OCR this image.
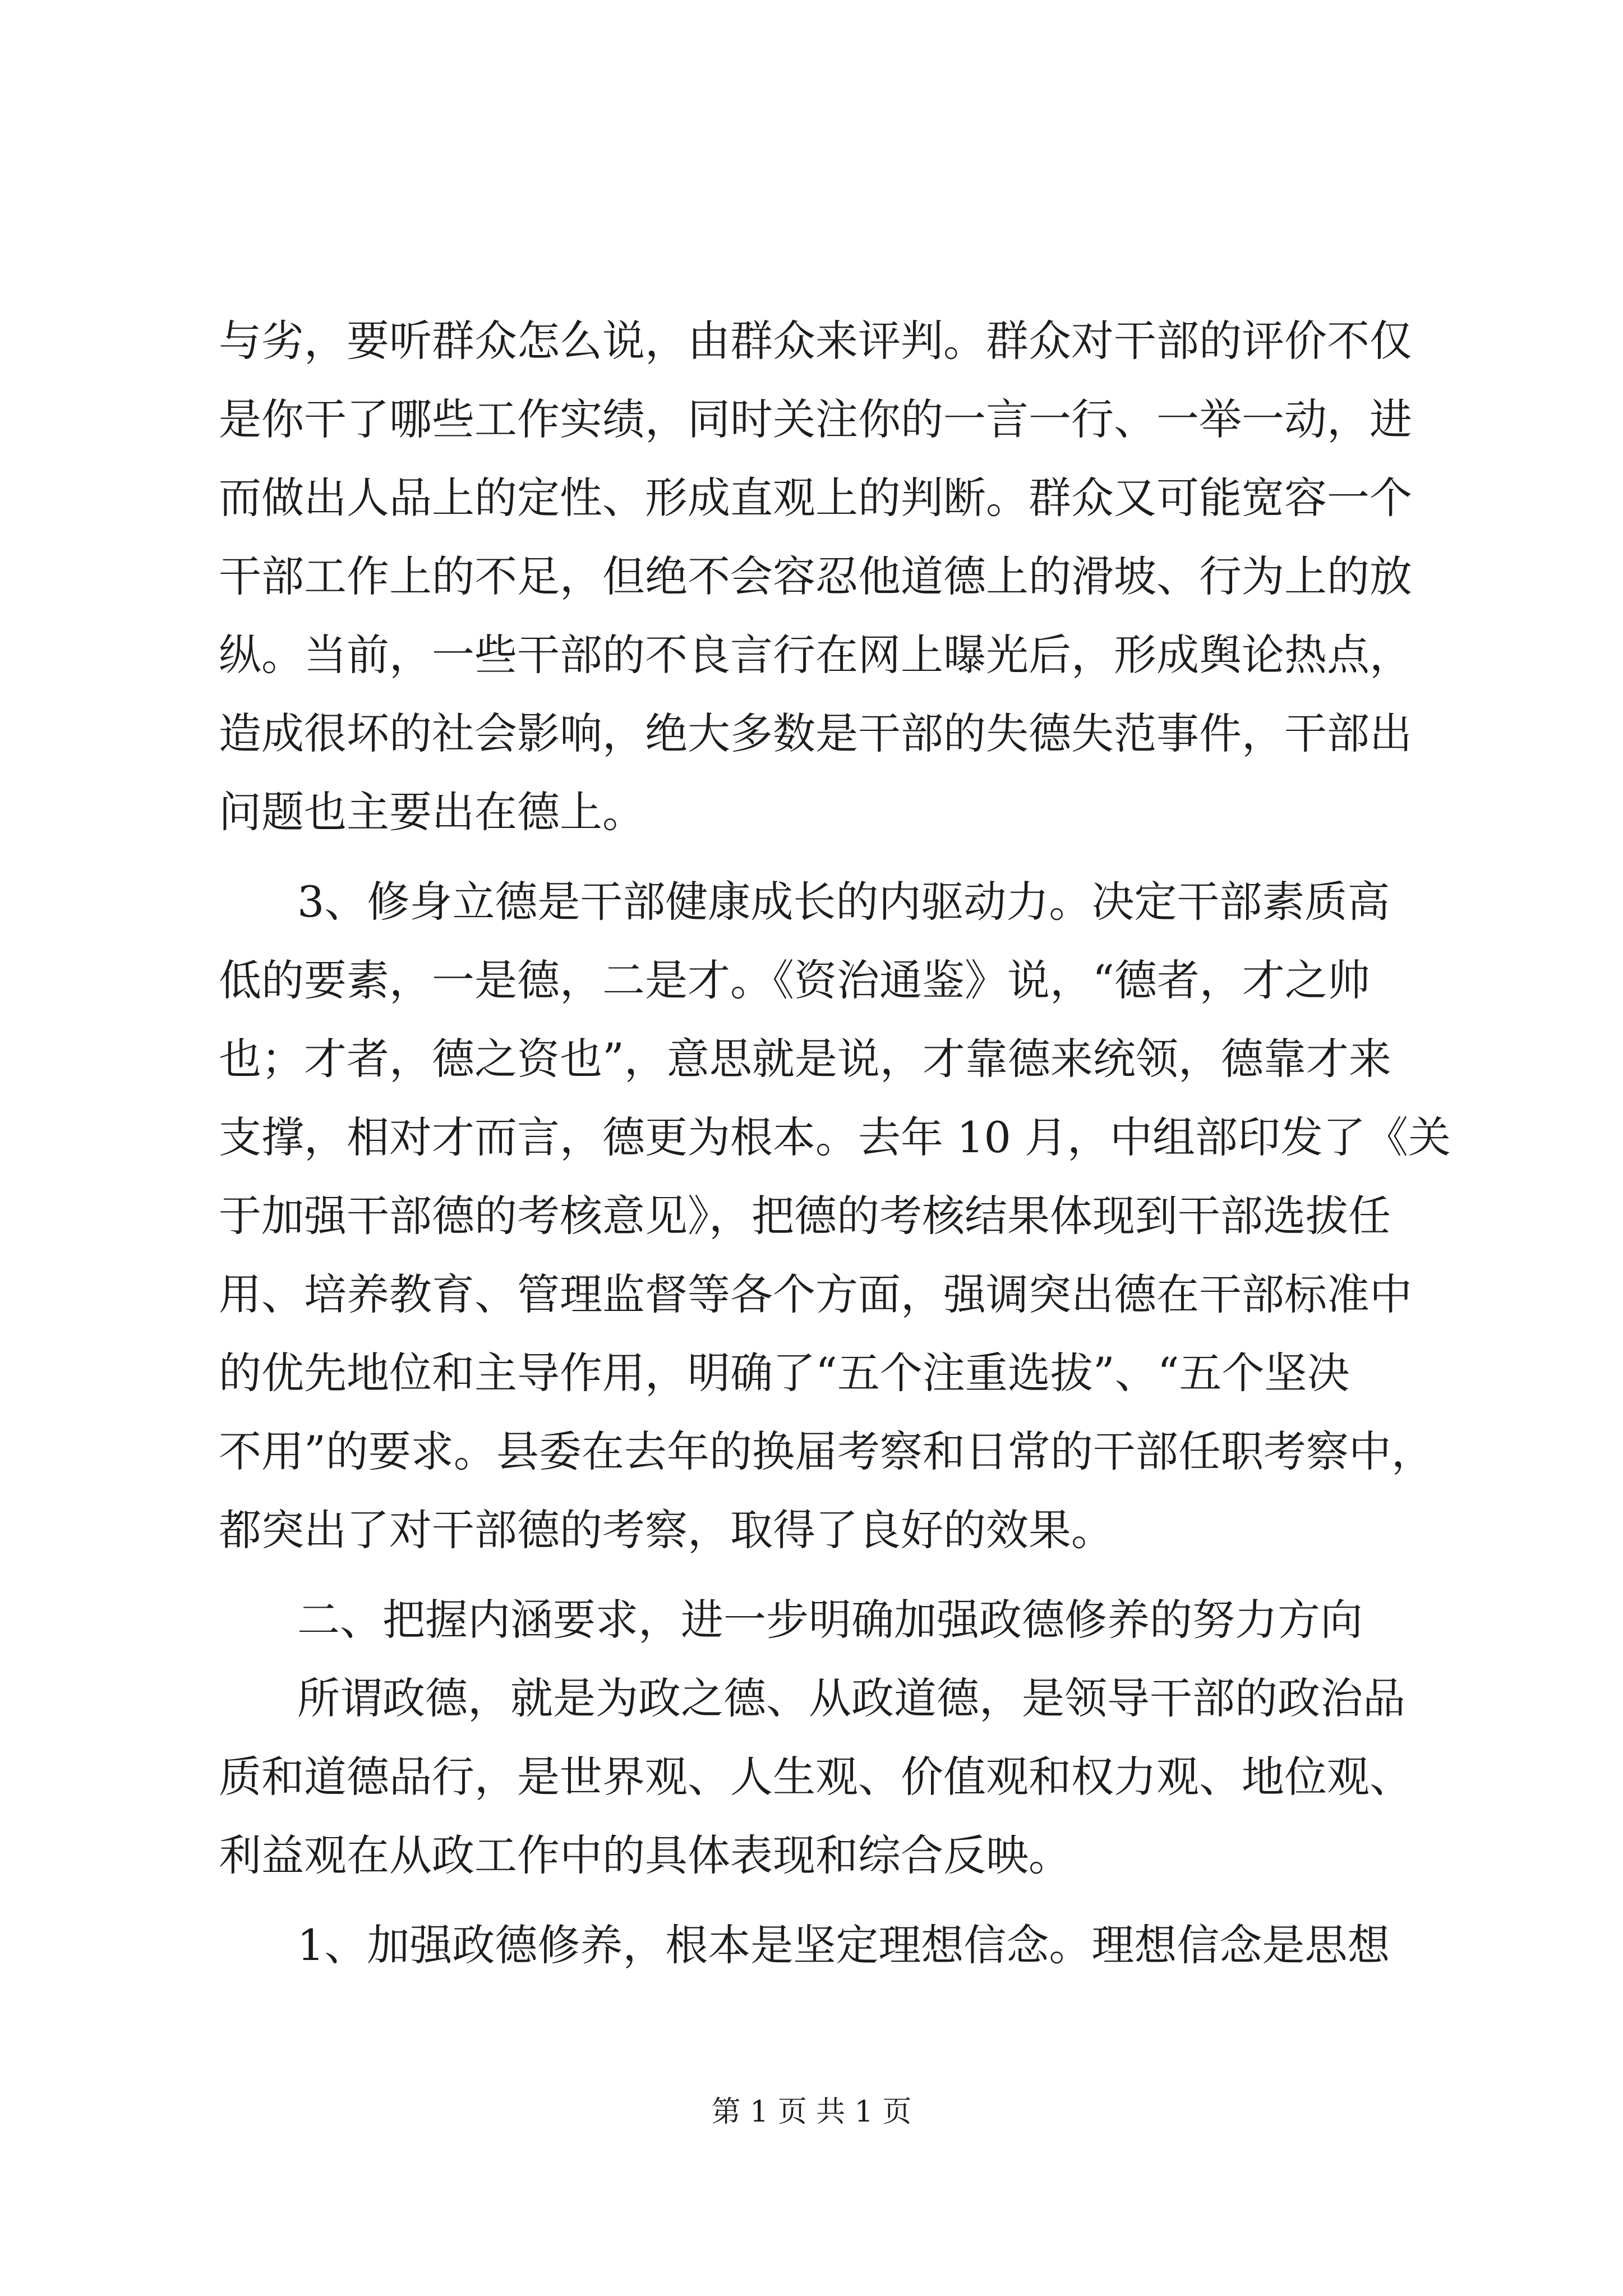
与劣，要听群众怎么说，由群众来评判。群众对干部的评价不仅
是你干了哪些工作实绩，同时关注你的一言一行、一举一动，进
而做出人品上的定性、形成直观上的判断。群众又可能宽容一个
干部工作上的不足，但绝不会容忍他道德上的滑坡、行为上的放
纵。当前，一些干部的不良言行在网上曝光后，形成舆论热点，
造成很坏的社会影响，绝大多数是干部的失德失范事件，干部出
问题也主要出在德上。
3、修身立德是干部健康成长的内驱动力。决定干部素质高
低的要素，一是德，二是才。《资治通鉴》说，“德者，才之帅
也；才者，德之资也”，意思就是说，才靠德来统领，德靠才来
支撑，相对才而言，德更为根本。去年 10 月，中组部印发了《关
于加强干部德的考核意见》，把德的考核结果体现到干部选拔任
用、培养教育、管理监督等各个方面，强调突出德在干部标准中
的优先地位和主导作用，明确了“五个注重选拔”、“五个坚决
不用”的要求。县委在去年的换届考察和日常的干部任职考察中，
都突出了对干部德的考察，取得了良好的效果。
二、把握内涵要求，进一步明确加强政德修养的努力方向
所谓政德，就是为政之德、从政道德，是领导干部的政治品
质和道德品行，是世界观、人生观、价值观和权力观、地位观、
利益观在从政工作中的具体表现和综合反映。
1、加强政德修养，根本是坚定理想信念。理想信念是思想
第 1 页 共 1 页
